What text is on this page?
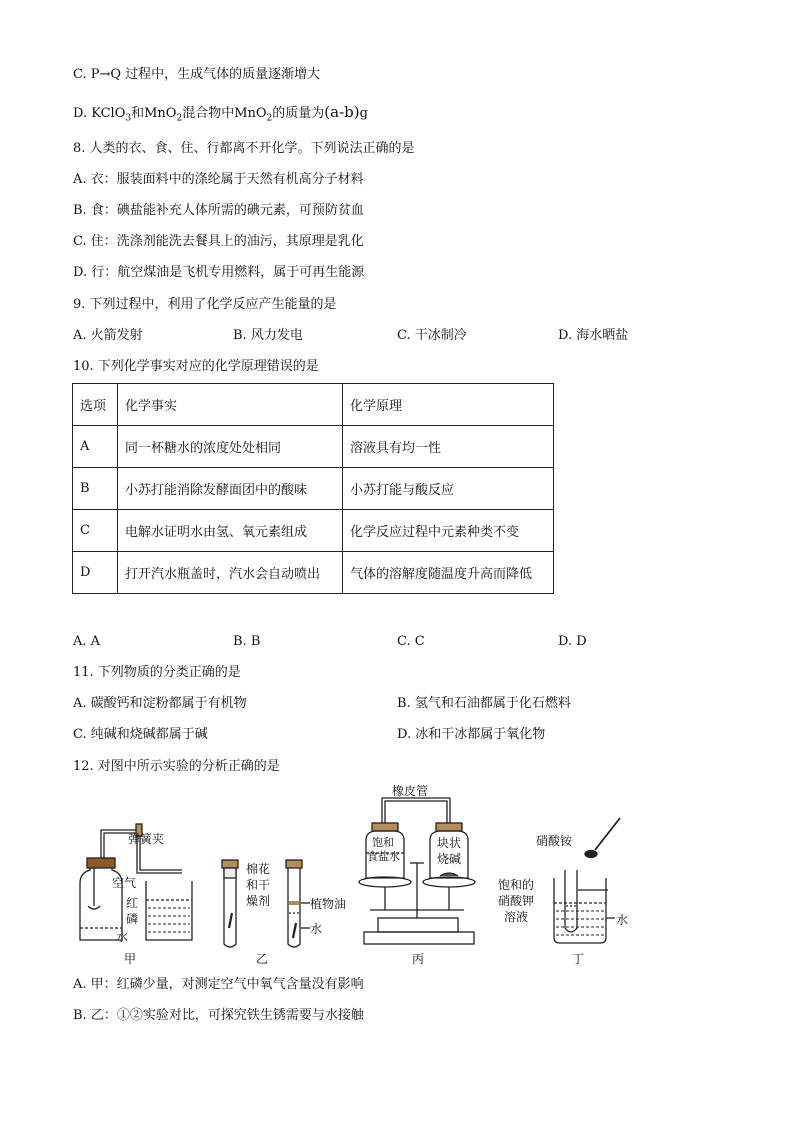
C. P→Q 过程中，生成气体的质量逐渐增大
D. KClO$_3$和MnO$_2$混合物中MnO$_2$的质量为(a-b)g
8. 人类的衣、食、住、行都离不开化学。下列说法正确的是
A. 衣：服装面料中的涤纶属于天然有机高分子材料
B. 食：碘盐能补充人体所需的碘元素，可预防贫血
C. 住：洗涤剂能洗去餐具上的油污，其原理是乳化
D. 行：航空煤油是飞机专用燃料，属于可再生能源
9. 下列过程中，利用了化学反应产生能量的是
A. 火箭发射	B. 风力发电	C. 干冰制冷	D. 海水晒盐
10. 下列化学事实对应的化学原理错误的是
选项	化学事实	化学原理
A	同一杯糖水的浓度处处相同	溶液具有均一性
B	小苏打能消除发酵面团中的酸味	小苏打能与酸反应
C	电解水证明水由氢、氧元素组成	化学反应过程中元素种类不变
D	打开汽水瓶盖时，汽水会自动喷出	气体的溶解度随温度升高而降低
A. A	B. B	C. C	D. D
11. 下列物质的分类正确的是
A. 碳酸钙和淀粉都属于有机物	B. 氢气和石油都属于化石燃料
C. 纯碱和烧碱都属于碱	D. 冰和干冰都属于氧化物
12. 对图中所示实验的分析正确的是
弹簧夹
空气
红
磷
水
甲
棉花
和干
燥剂	植物油
水
乙
橡皮管
饱和
食盐水
块状
烧碱
丙
硝酸铵
饱和的
硝酸钾
溶液	水
丁
A. 甲：红磷少量，对测定空气中氧气含量没有影响
B. 乙：①②实验对比，可探究铁生锈需要与水接触
